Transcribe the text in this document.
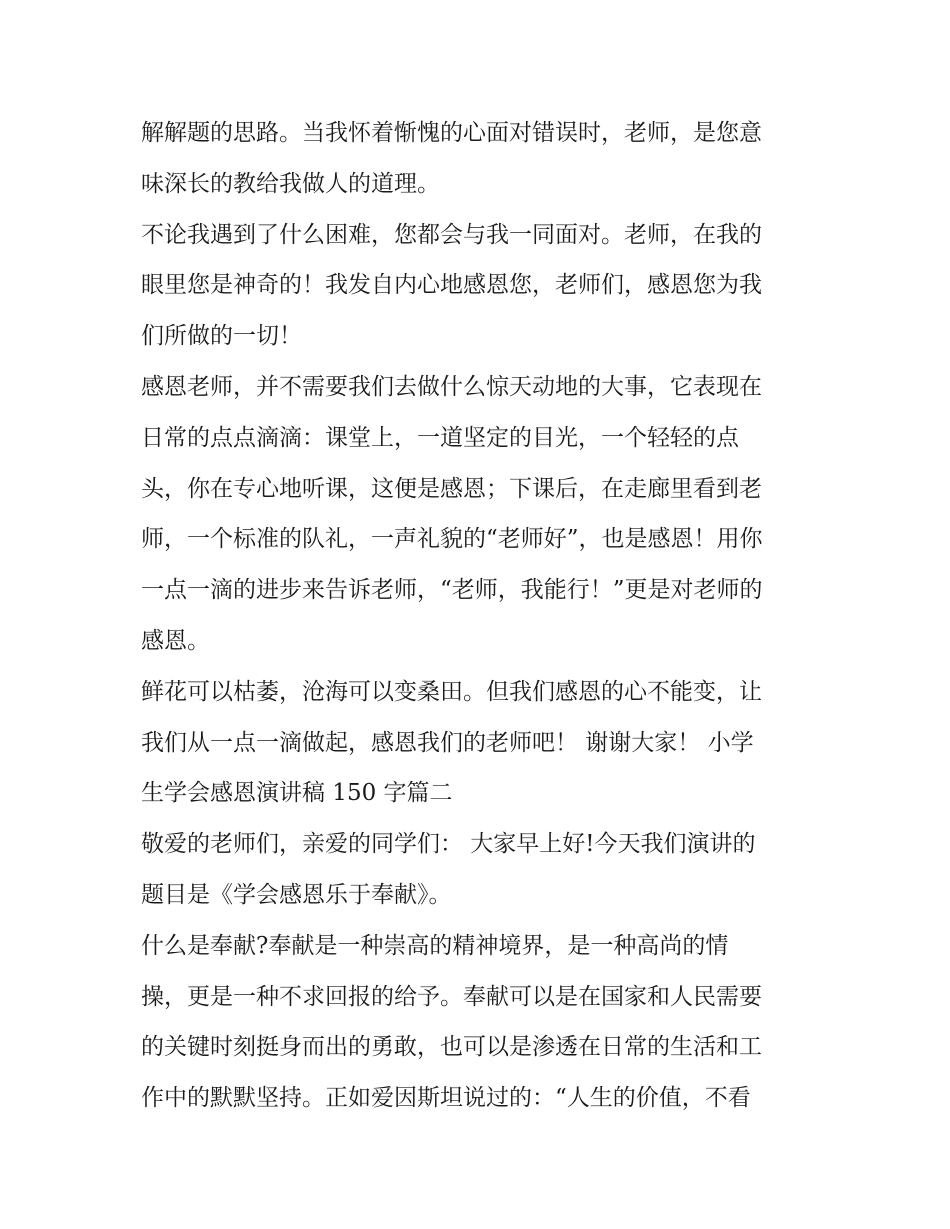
解解题的思路。当我怀着惭愧的心面对错误时，老师，是您意
味深长的教给我做人的道理。
不论我遇到了什么困难，您都会与我一同面对。老师，在我的
眼里您是神奇的！我发自内心地感恩您，老师们，感恩您为我
们所做的一切！
感恩老师，并不需要我们去做什么惊天动地的大事，它表现在
日常的点点滴滴：课堂上，一道坚定的目光，一个轻轻的点
头，你在专心地听课，这便是感恩；下课后，在走廊里看到老
师，一个标准的队礼，一声礼貌的“老师好”，也是感恩！用你
一点一滴的进步来告诉老师，“老师，我能行！”更是对老师的
感恩。
鲜花可以枯萎，沧海可以变桑田。但我们感恩的心不能变，让
我们从一点一滴做起，感恩我们的老师吧！ 谢谢大家！ 小学
生学会感恩演讲稿 150 字篇二
敬爱的老师们，亲爱的同学们： 大家早上好!今天我们演讲的
题目是《学会感恩乐于奉献》。
什么是奉献?奉献是一种崇高的精神境界，是一种高尚的情
操，更是一种不求回报的给予。奉献可以是在国家和人民需要
的关键时刻挺身而出的勇敢，也可以是渗透在日常的生活和工
作中的默默坚持。正如爱因斯坦说过的：“人生的价值，不看
